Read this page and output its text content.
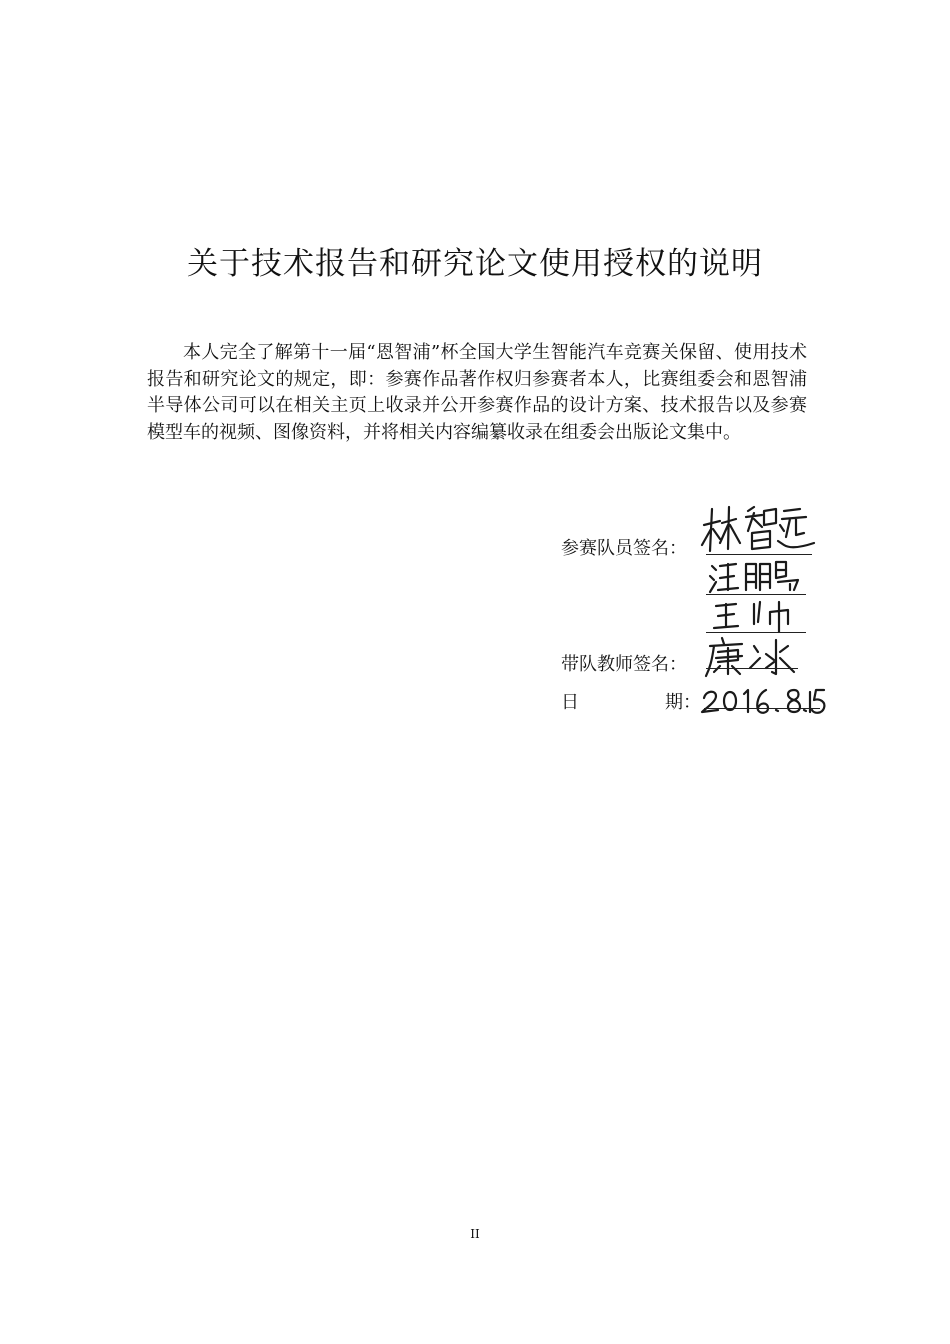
关于技术报告和研究论文使用授权的说明

本人完全了解第十一届“恩智浦”杯全国大学生智能汽车竞赛关保留、使用技术报告和研究论文的规定，即：参赛作品著作权归参赛者本人，比赛组委会和恩智浦半导体公司可以在相关主页上收录并公开参赛作品的设计方案、技术报告以及参赛模型车的视频、图像资料，并将相关内容编纂收录在组委会出版论文集中。

参赛队员签名：
带队教师签名：
日	期：
II
